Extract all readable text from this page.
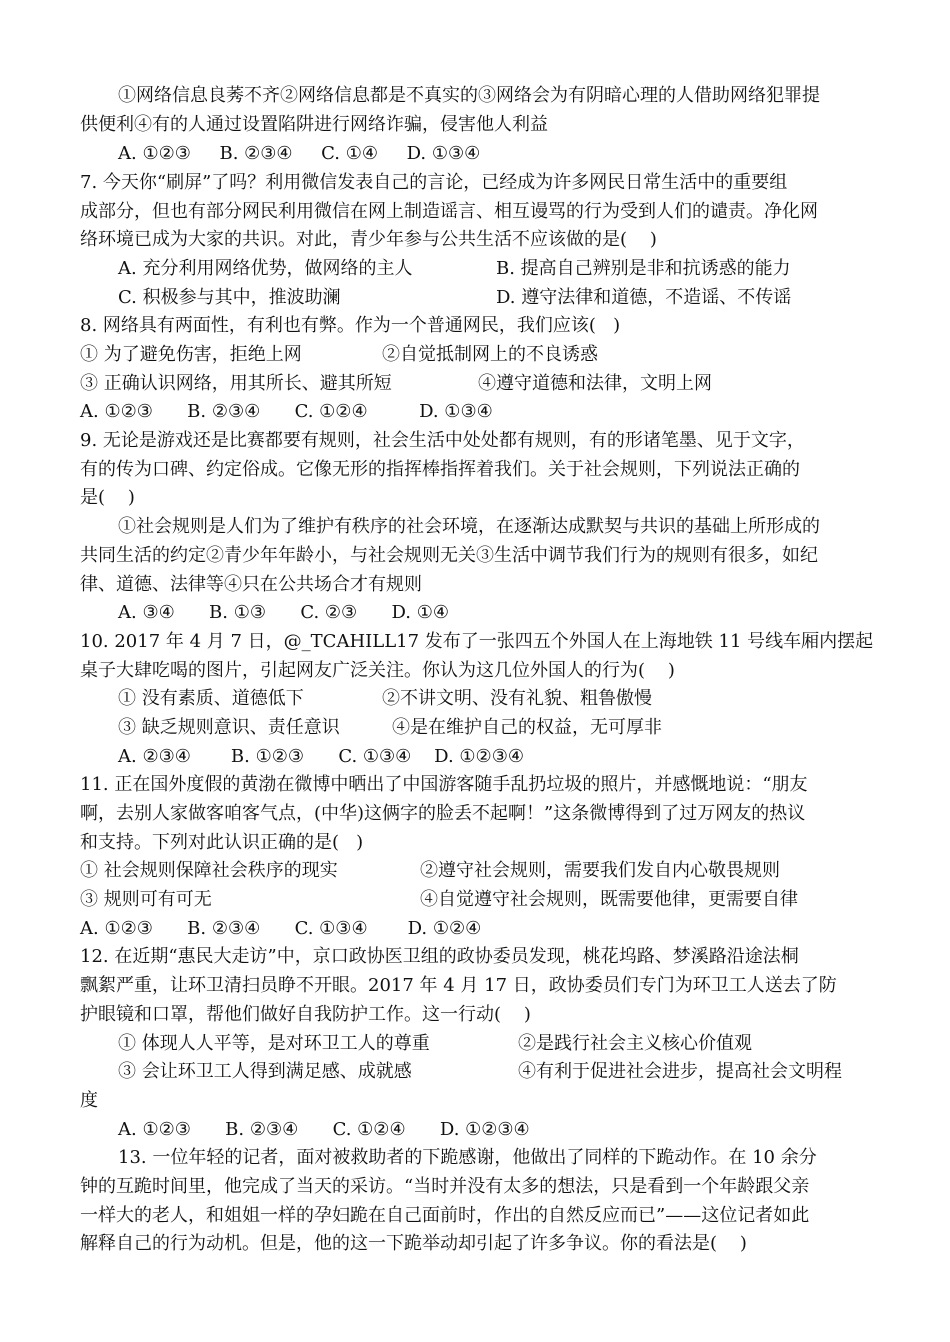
①网络信息良莠不齐②网络信息都是不真实的③网络会为有阴暗心理的人借助网络犯罪提
供便利④有的人通过设置陷阱进行网络诈骗，侵害他人利益
A. ①②③     B. ②③④     C. ①④     D. ①③④
7. 今天你“刷屏”了吗？利用微信发表自己的言论，已经成为许多网民日常生活中的重要组
成部分，但也有部分网民利用微信在网上制造谣言、相互谩骂的行为受到人们的谴责。净化网
络环境已成为大家的共识。对此，青少年参与公共生活不应该做的是(    )
A. 充分利用网络优势，做网络的主人	B. 提高自己辨别是非和抗诱惑的能力
C. 积极参与其中，推波助澜	D. 遵守法律和道德，不造谣、不传谣
8. 网络具有两面性，有利也有弊。作为一个普通网民，我们应该(   )
① 为了避免伤害，拒绝上网	②自觉抵制网上的不良诱惑
③ 正确认识网络，用其所长、避其所短	④遵守道德和法律，文明上网
A. ①②③      B. ②③④      C. ①②④         D. ①③④
9. 无论是游戏还是比赛都要有规则，社会生活中处处都有规则，有的形诸笔墨、见于文字，
有的传为口碑、约定俗成。它像无形的指挥棒指挥着我们。关于社会规则，下列说法正确的
是(    )
①社会规则是人们为了维护有秩序的社会环境，在逐渐达成默契与共识的基础上所形成的
共同生活的约定②青少年年龄小，与社会规则无关③生活中调节我们行为的规则有很多，如纪
律、道德、法律等④只在公共场合才有规则
A. ③④      B. ①③      C. ②③      D. ①④
10. 2017 年 4 月 7 日，@_TCAHILL17 发布了一张四五个外国人在上海地铁 11 号线车厢内摆起
桌子大肆吃喝的图片，引起网友广泛关注。你认为这几位外国人的行为(    )
① 没有素质、道德低下	②不讲文明、没有礼貌、粗鲁傲慢
③ 缺乏规则意识、责任意识	④是在维护自己的权益，无可厚非
A. ②③④       B. ①②③      C. ①③④    D. ①②③④
11. 正在国外度假的黄渤在微博中晒出了中国游客随手乱扔垃圾的照片，并感慨地说：“朋友
啊，去别人家做客咱客气点，(中华)这俩字的脸丢不起啊！”这条微博得到了过万网友的热议
和支持。下列对此认识正确的是(   )
① 社会规则保障社会秩序的现实	②遵守社会规则，需要我们发自内心敬畏规则
③ 规则可有可无	④自觉遵守社会规则，既需要他律，更需要自律
A. ①②③      B. ②③④      C. ①③④       D. ①②④
12. 在近期“惠民大走访”中，京口政协医卫组的政协委员发现，桃花坞路、梦溪路沿途法桐
飘絮严重，让环卫清扫员睁不开眼。2017 年 4 月 17 日，政协委员们专门为环卫工人送去了防
护眼镜和口罩，帮他们做好自我防护工作。这一行动(    )
① 体现人人平等，是对环卫工人的尊重	②是践行社会主义核心价值观
③ 会让环卫工人得到满足感、成就感	④有利于促进社会进步，提高社会文明程
度
A. ①②③      B. ②③④      C. ①②④      D. ①②③④
13. 一位年轻的记者，面对被救助者的下跪感谢，他做出了同样的下跪动作。在 10 余分
钟的互跪时间里，他完成了当天的采访。“当时并没有太多的想法，只是看到一个年龄跟父亲
一样大的老人，和姐姐一样的孕妇跪在自己面前时，作出的自然反应而已”——这位记者如此
解释自己的行为动机。但是，他的这一下跪举动却引起了许多争议。你的看法是(    )
